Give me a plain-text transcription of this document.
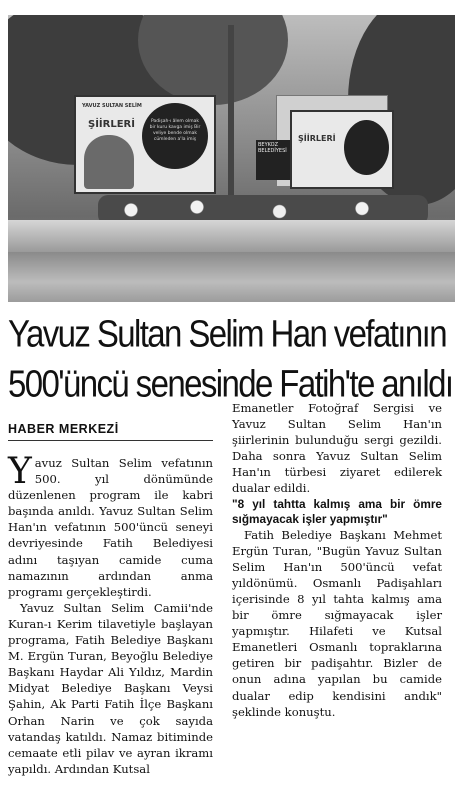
BEYKOZ BELEDİYESİ
YAVUZ SULTAN SELİM
ŞİİRLERİ	Padişah-ı âlem olmak bir kuru kavga imiş Bir veliye bende olmak cümleden a'la imiş	ŞİİRLERİ
Yavuz Sultan Selim Han vefatının
500'üncü senesinde Fatih'te anıldı
HABER MERKEZİ

Yavuz Sultan Selim vefatının 500. yıl dönümünde düzenlenen program ile kabri başında anıldı. Yavuz Sultan Selim Han'ın vefatının 500'üncü seneyi devriyesinde Fatih Belediyesi adını taşıyan camide cuma namazının ardından anma programı gerçekleştirdi.

Yavuz Sultan Selim Camii'nde Kuran-ı Kerim tilavetiyle başlayan programa, Fatih Belediye Başkanı M. Ergün Turan, Beyoğlu Belediye Başkanı Haydar Ali Yıldız, Mardin Midyat Belediye Başkanı Veysi Şahin, Ak Parti Fatih İlçe Başkanı Orhan Narin ve çok sayıda vatandaş katıldı. Namaz bitiminde cemaate etli pilav ve ayran ikramı yapıldı. Ardından Kutsal

Emanetler Fotoğraf Sergisi ve Yavuz Sultan Selim Han'ın şiirlerinin bulunduğu sergi gezildi. Daha sonra Yavuz Sultan Selim Han'ın türbesi ziyaret edilerek dualar edildi.

"8 yıl tahtta kalmış ama bir ömre sığmayacak işler yapmıştır"

Fatih Belediye Başkanı Mehmet Ergün Turan, "Bugün Yavuz Sultan Selim Han'ın 500'üncü vefat yıldönümü. Osmanlı Padişahları içerisinde 8 yıl tahta kalmış ama bir ömre sığmayacak işler yapmıştır. Hilafeti ve Kutsal Emanetleri Osmanlı topraklarına getiren bir padişahtır. Bizler de onun adına yapılan bu camide dualar edip kendisini andık" şeklinde konuştu.
